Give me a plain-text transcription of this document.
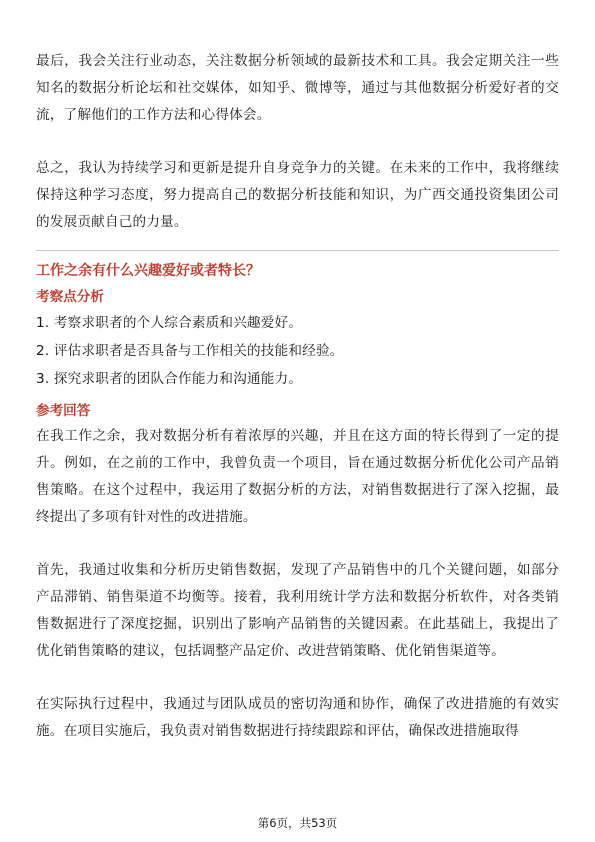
最后，我会关注行业动态，关注数据分析领域的最新技术和工具。我会定期关注一些知名的数据分析论坛和社交媒体，如知乎、微博等，通过与其他数据分析爱好者的交流，了解他们的工作方法和心得体会。

总之，我认为持续学习和更新是提升自身竞争力的关键。在未来的工作中，我将继续保持这种学习态度，努力提高自己的数据分析技能和知识，为广西交通投资集团公司的发展贡献自己的力量。

工作之余有什么兴趣爱好或者特长？
考察点分析
1. 考察求职者的个人综合素质和兴趣爱好。
2. 评估求职者是否具备与工作相关的技能和经验。
3. 探究求职者的团队合作能力和沟通能力。
参考回答

在我工作之余，我对数据分析有着浓厚的兴趣，并且在这方面的特长得到了一定的提升。例如，在之前的工作中，我曾负责一个项目，旨在通过数据分析优化公司产品销售策略。在这个过程中，我运用了数据分析的方法，对销售数据进行了深入挖掘，最终提出了多项有针对性的改进措施。

首先，我通过收集和分析历史销售数据，发现了产品销售中的几个关键问题，如部分产品滞销、销售渠道不均衡等。接着，我利用统计学方法和数据分析软件，对各类销售数据进行了深度挖掘，识别出了影响产品销售的关键因素。在此基础上，我提出了优化销售策略的建议，包括调整产品定价、改进营销策略、优化销售渠道等。

在实际执行过程中，我通过与团队成员的密切沟通和协作，确保了改进措施的有效实施。在项目实施后，我负责对销售数据进行持续跟踪和评估，确保改进措施取得

第6页，共53页
